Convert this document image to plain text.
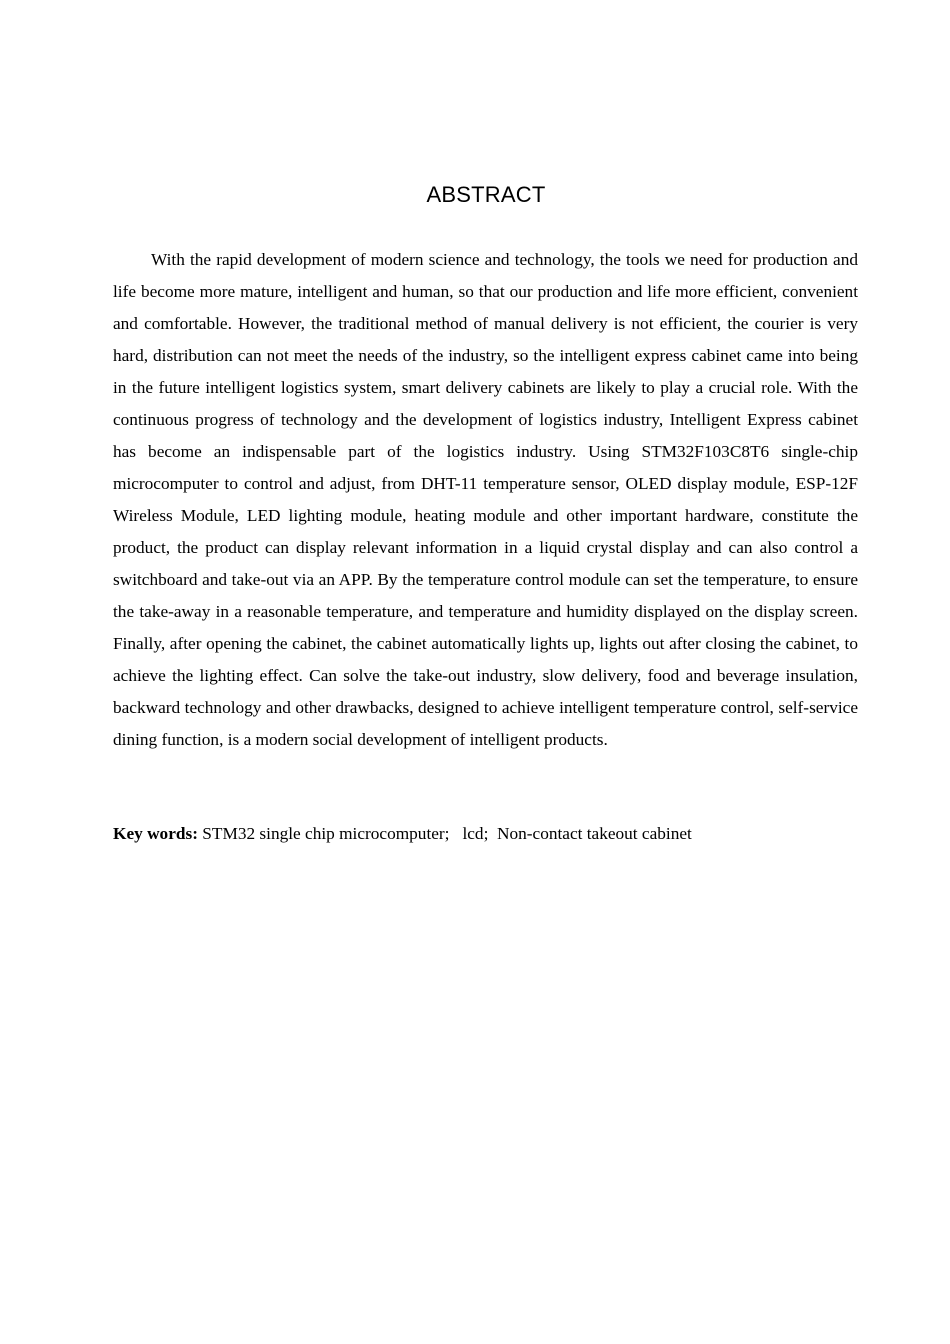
ABSTRACT

With the rapid development of modern science and technology, the tools we need for production and life become more mature, intelligent and human, so that our production and life more efficient, convenient and comfortable. However, the traditional method of manual delivery is not efficient, the courier is very hard, distribution can not meet the needs of the industry, so the intelligent express cabinet came into being in the future intelligent logistics system, smart delivery cabinets are likely to play a crucial role. With the continuous progress of technology and the development of logistics industry, Intelligent Express cabinet has become an indispensable part of the logistics industry. Using STM32F103C8T6 single-chip microcomputer to control and adjust, from DHT-11 temperature sensor, OLED display module, ESP-12F Wireless Module, LED lighting module, heating module and other important hardware, constitute the product, the product can display relevant information in a liquid crystal display and can also control a switchboard and take-out via an APP. By the temperature control module can set the temperature, to ensure the take-away in a reasonable temperature, and temperature and humidity displayed on the display screen. Finally, after opening the cabinet, the cabinet automatically lights up, lights out after closing the cabinet, to achieve the lighting effect. Can solve the take-out industry, slow delivery, food and beverage insulation, backward technology and other drawbacks, designed to achieve intelligent temperature control, self-service dining function, is a modern social development of intelligent products.

Key words: STM32 single chip microcomputer; lcd; Non-contact takeout cabinet
